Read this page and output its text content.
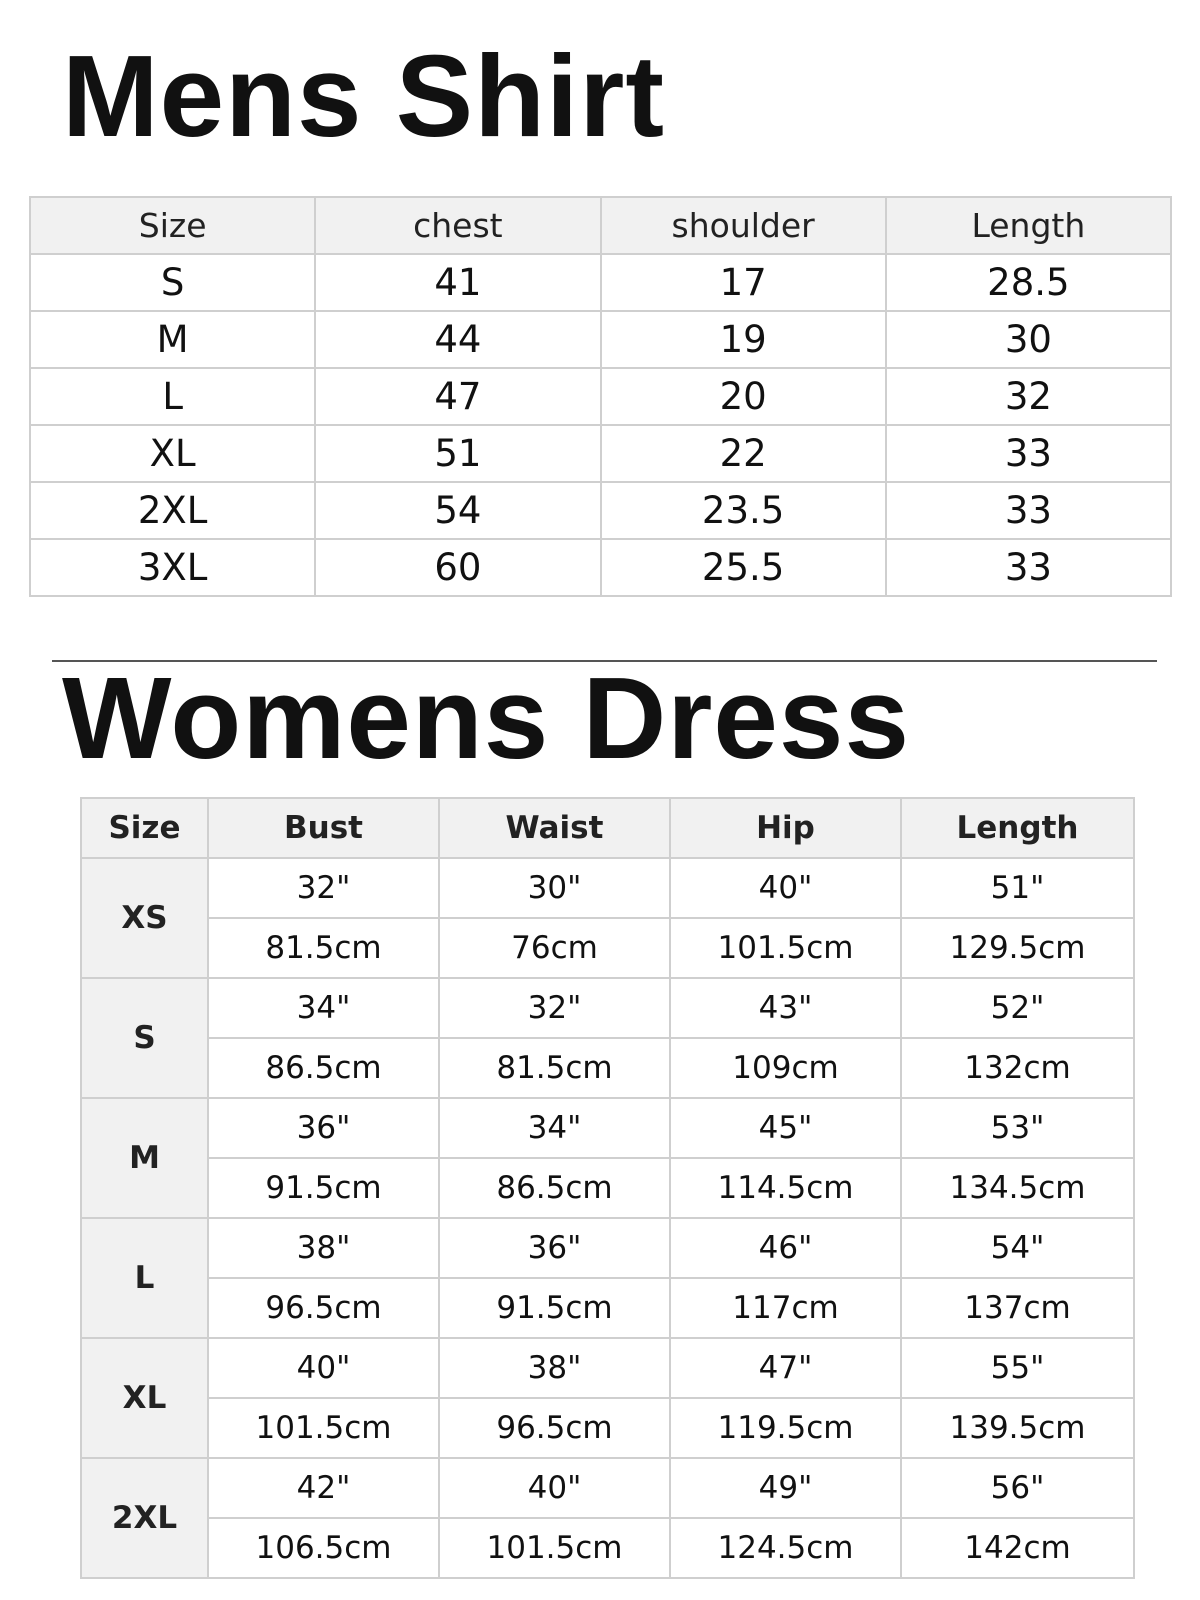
Mens Shirt
Size	chest	shoulder	Length
S	41	17	28.5
M	44	19	30
L	47	20	32
XL	51	22	33
2XL	54	23.5	33
3XL	60	25.5	33
Womens Dress
Size	Bust	Waist	Hip	Length
XS	32"	30"	40"	51"
	81.5cm	76cm	101.5cm	129.5cm
S	34"	32"	43"	52"
	86.5cm	81.5cm	109cm	132cm
M	36"	34"	45"	53"
	91.5cm	86.5cm	114.5cm	134.5cm
L	38"	36"	46"	54"
	96.5cm	91.5cm	117cm	137cm
XL	40"	38"	47"	55"
	101.5cm	96.5cm	119.5cm	139.5cm
2XL	42"	40"	49"	56"
	106.5cm	101.5cm	124.5cm	142cm
